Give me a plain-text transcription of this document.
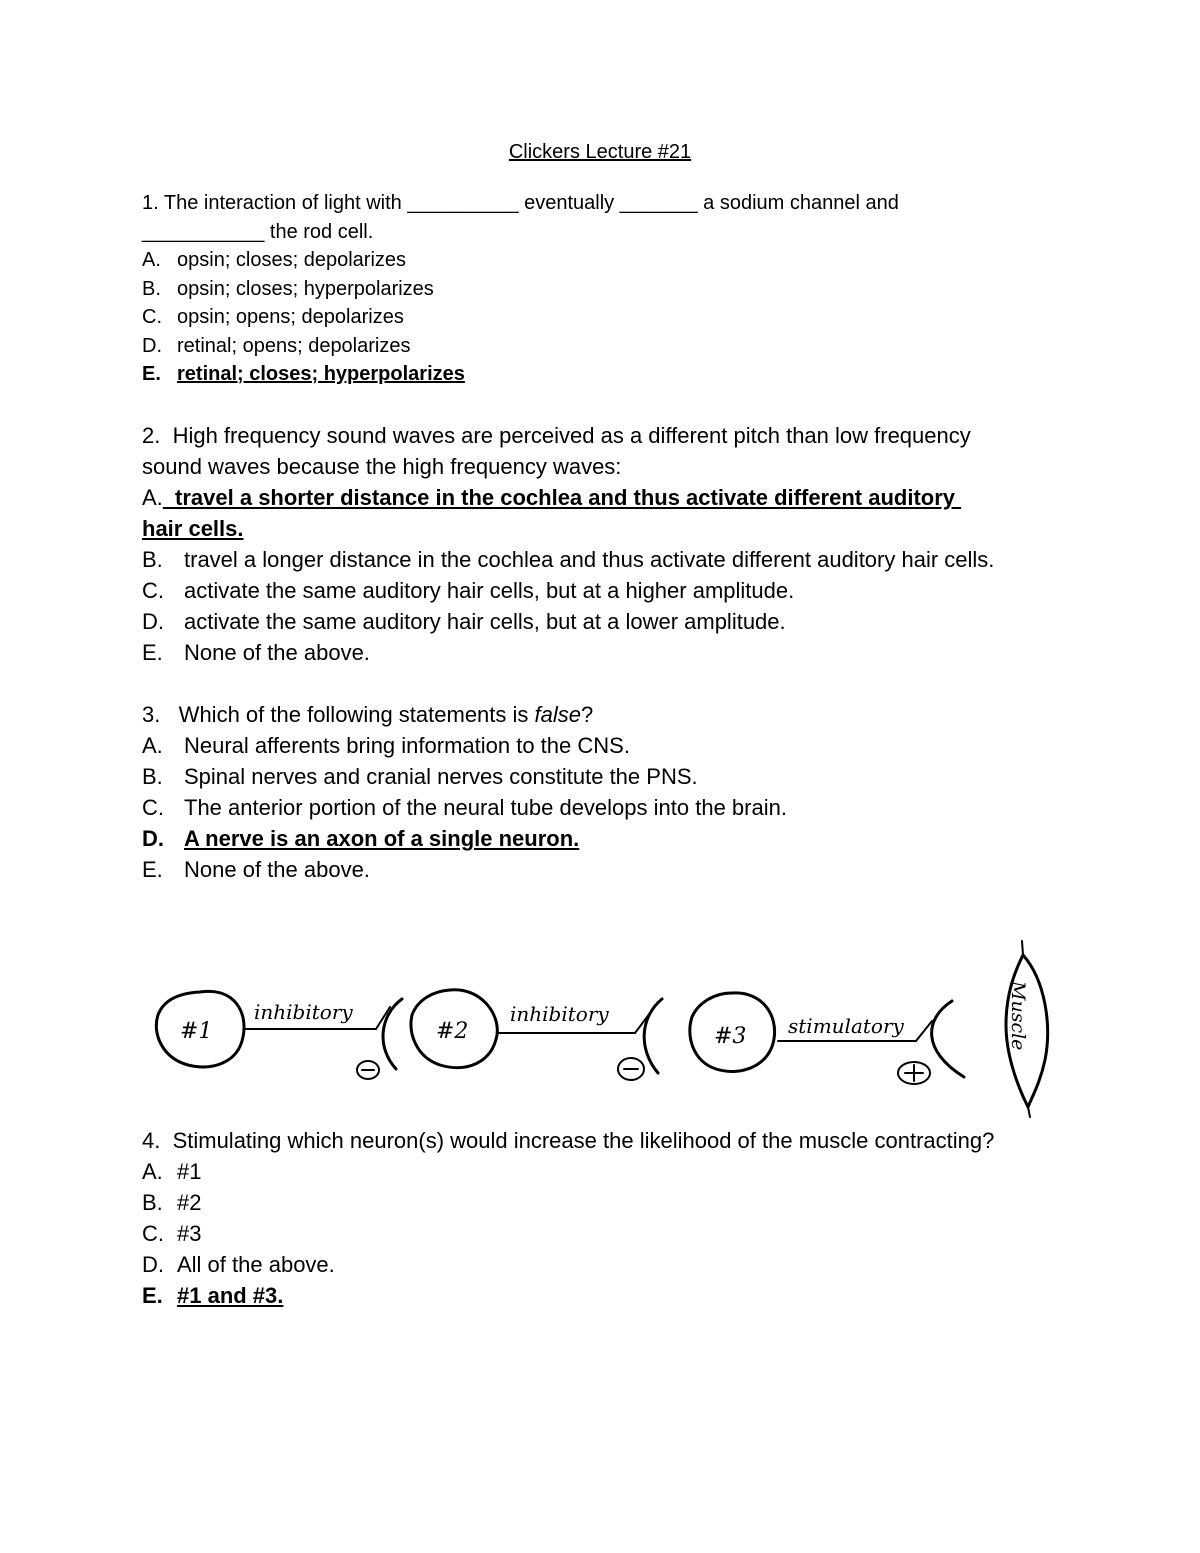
Clickers Lecture #21
1. The interaction of light with __________ eventually _______ a sodium channel and
___________ the rod cell.
A. opsin; closes; depolarizes
B. opsin; closes; hyperpolarizes
C. opsin; opens; depolarizes
D. retinal; opens; depolarizes
E. retinal; closes; hyperpolarizes
2.  High frequency sound waves are perceived as a different pitch than low frequency
sound waves because the high frequency waves:
A.  travel a shorter distance in the cochlea and thus activate different auditory
hair cells.
B. travel a longer distance in the cochlea and thus activate different auditory hair cells.
C. activate the same auditory hair cells, but at a higher amplitude.
D. activate the same auditory hair cells, but at a lower amplitude.
E. None of the above.
3.   Which of the following statements is false?
A. Neural afferents bring information to the CNS.
B. Spinal nerves and cranial nerves constitute the PNS.
C. The anterior portion of the neural tube develops into the brain.
D. A nerve is an axon of a single neuron.
E. None of the above.
#1	#2	#3
inhibitory	inhibitory	stimulatory	Muscle
4.  Stimulating which neuron(s) would increase the likelihood of the muscle contracting?
A. #1
B. #2
C. #3
D. All of the above.
E. #1 and #3.
